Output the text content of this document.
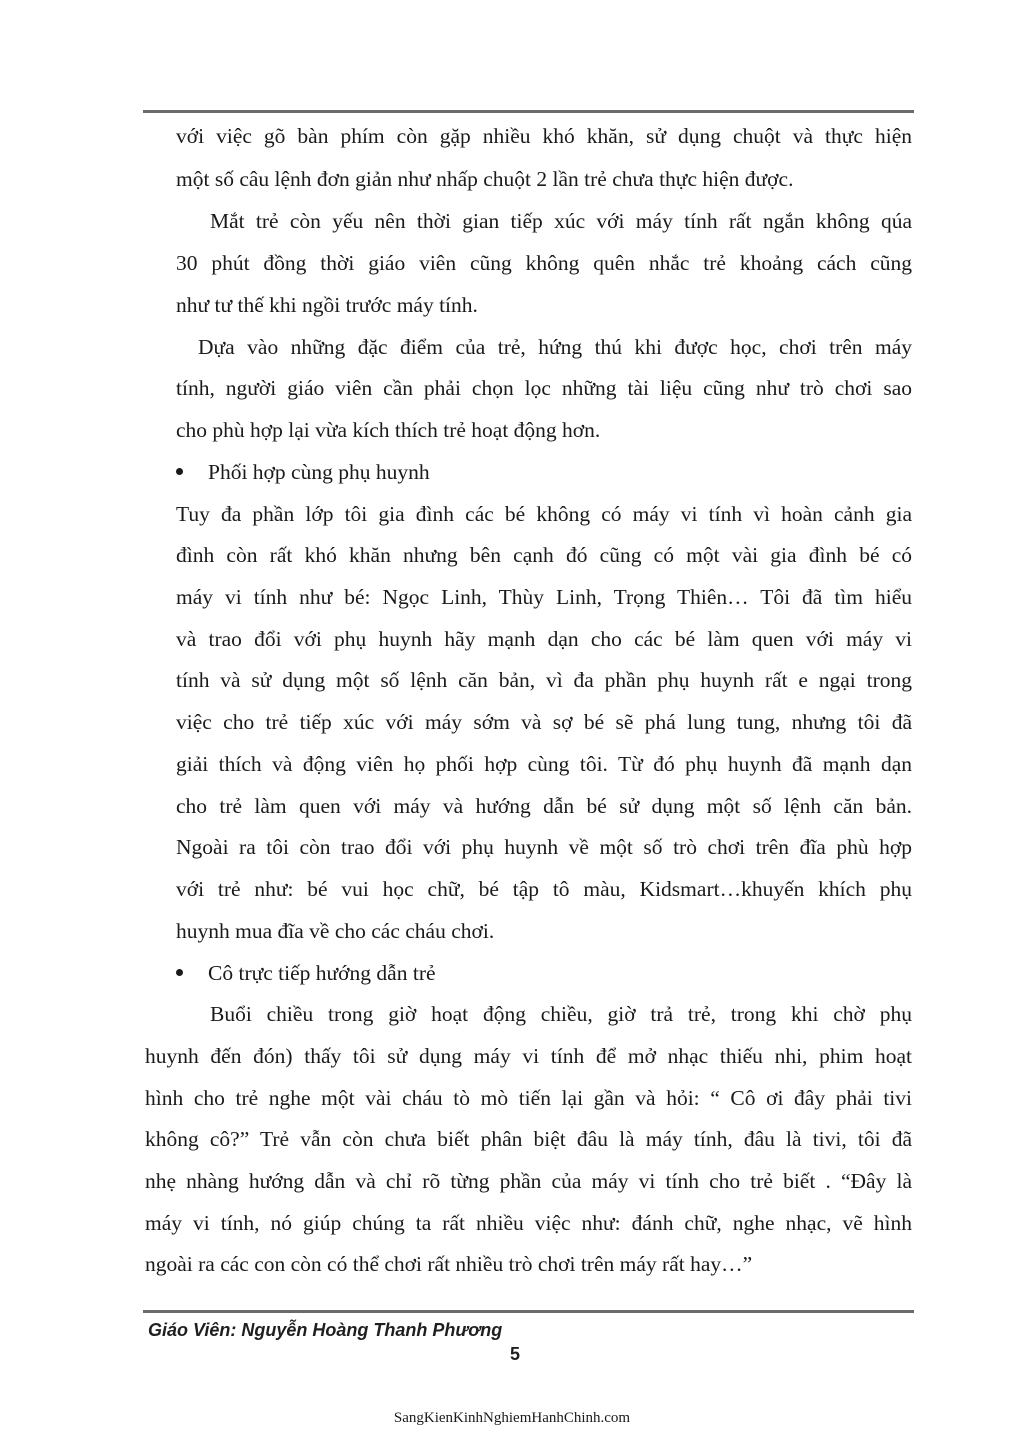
với việc gõ bàn phím còn gặp nhiều khó khăn, sử dụng chuột và thực hiện
một số câu lệnh đơn giản như nhấp chuột 2 lần trẻ chưa thực hiện được.
Mắt trẻ còn yếu nên thời gian tiếp xúc với máy tính rất ngắn không qúa
30 phút đồng thời giáo viên cũng không quên nhắc trẻ khoảng cách cũng
như tư thế khi ngồi trước máy tính.
Dựa vào những đặc điểm của trẻ, hứng thú khi được học, chơi trên máy
tính, người giáo viên cần phải chọn lọc những tài liệu cũng như trò chơi sao
cho phù hợp lại vừa kích thích trẻ hoạt động hơn.
Phối hợp cùng phụ huynh
Tuy đa phần lớp tôi gia đình các bé không có máy vi tính vì hoàn cảnh gia
đình còn rất khó khăn nhưng bên cạnh đó cũng có một vài gia đình bé có
máy vi tính như bé: Ngọc Linh, Thùy Linh, Trọng Thiên… Tôi đã tìm hiểu
và trao đổi với phụ huynh hãy mạnh dạn cho các bé làm quen với máy vi
tính và sử dụng một số lệnh căn bản, vì đa phần phụ huynh rất e ngại trong
việc cho trẻ tiếp xúc với máy sớm và sợ bé sẽ phá lung tung, nhưng tôi đã
giải thích và động viên họ phối hợp cùng tôi. Từ đó phụ huynh đã mạnh dạn
cho trẻ làm quen với máy và hướng dẫn bé sử dụng một số lệnh căn bản.
Ngoài ra tôi còn trao đổi với phụ huynh về một số trò chơi trên đĩa phù hợp
với trẻ như: bé vui học chữ, bé tập tô màu, Kidsmart…khuyến khích phụ
huynh mua đĩa về cho các cháu chơi.
Cô trực tiếp hướng dẫn trẻ
Buổi chiều trong giờ hoạt động chiều, giờ trả trẻ, trong khi chờ phụ
huynh đến đón) thấy tôi sử dụng máy vi tính để mở nhạc thiếu nhi, phim hoạt
hình cho trẻ nghe một vài cháu tò mò tiến lại gần và hỏi: “ Cô ơi đây phải tivi
không cô?” Trẻ vẫn còn chưa biết phân biệt đâu là máy tính, đâu là tivi, tôi đã
nhẹ nhàng hướng dẫn và chỉ rõ từng phần của máy vi tính cho trẻ biết . “Đây là
máy vi tính, nó giúp chúng ta rất nhiều việc như: đánh chữ, nghe nhạc, vẽ hình
ngoài ra các con còn có thể chơi rất nhiều trò chơi trên máy rất hay…”
Giáo Viên: Nguyễn Hoàng Thanh Phương
5
SangKienKinhNghiemHanhChinh.com
